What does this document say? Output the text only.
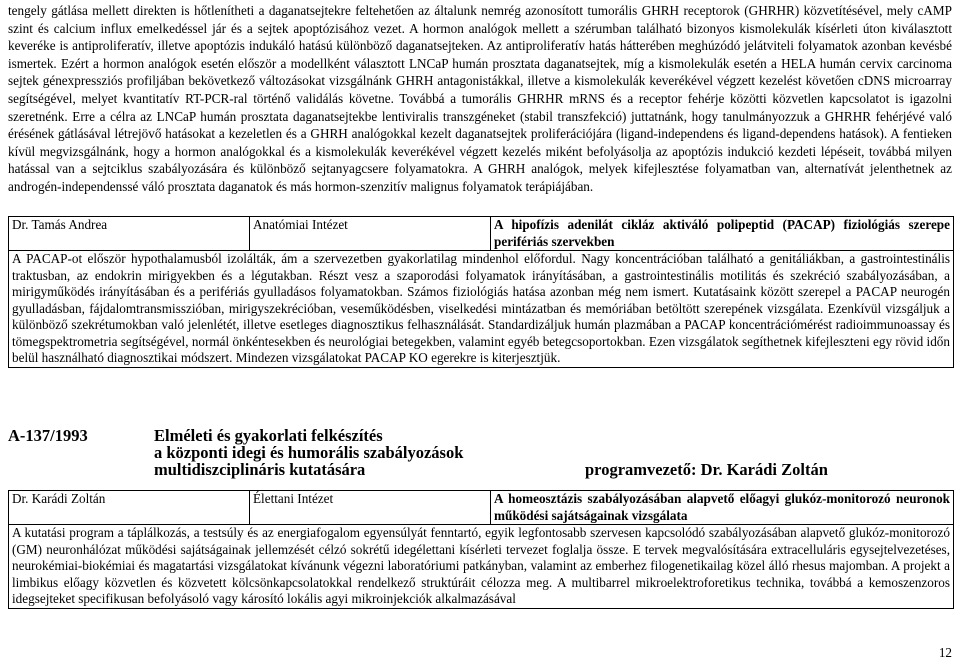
tengely gátlása mellett direkten is hőtlenítheti a daganatsejtekre feltehetően az általunk nemrég azonosított tumorális GHRH receptorok (GHRHR) közvetítésével, mely cAMP szint és calcium influx emelkedéssel jár és a sejtek apoptózisához vezet. A hormon analógok mellett a szérumban található bizonyos kismolekulák kísérleti úton kiválasztott keveréke is antiproliferatív, illetve apoptózis indukáló hatású különböző daganatsejteken. Az antiproliferatív hatás hátterében meghúzódó jelátviteli folyamatok azonban kevésbé ismertek. Ezért a hormon analógok esetén először a modellként választott LNCaP humán prosztata daganatsejtek, míg a kismolekulák esetén a HELA humán cervix carcinoma sejtek génexpressziós profiljában bekövetkező változásokat vizsgálnánk GHRH antagonistákkal, illetve a kismolekulák keverékével végzett kezelést követően cDNS microarray segítségével, melyet kvantitatív RT-PCR-ral történő validálás követne. Továbbá a tumorális GHRHR mRNS és a receptor fehérje közötti közvetlen kapcsolatot is igazolni szeretnénk. Erre a célra az LNCaP humán prosztata daganatsejtekbe lentiviralis transzgéneket (stabil transzfekció) juttatnánk, hogy tanulmányozzuk a GHRHR fehérjévé való érésének gátlásával létrejövő hatásokat a kezeletlen és a GHRH analógokkal kezelt daganatsejtek proliferációjára (ligand-independens és ligand-dependens hatások). A fentieken kívül megvizsgálnánk, hogy a hormon analógokkal és a kismolekulák keverékével végzett kezelés miként befolyásolja az apoptózis indukció kezdeti lépéseit, továbbá milyen hatással van a sejtciklus szabályozására és különböző sejtanyagcsere folyamatokra. A GHRH analógok, melyek kifejlesztése folyamatban van, alternatívát jelenthetnek az androgén-independenssé váló prosztata daganatok és más hormon-szenzitív malignus folyamatok terápiájában.

Dr. Tamás Andrea	Anatómiai Intézet	A hipofízis adenilát cikláz aktiváló polipeptid (PACAP) fiziológiás szerepe perifériás szervekben
A PACAP-ot először hypothalamusból izolálták, ám a szervezetben gyakorlatilag mindenhol előfordul. Nagy koncentrációban található a genitáliákban, a gastrointestinális traktusban, az endokrin mirigyekben és a légutakban. Részt vesz a szaporodási folyamatok irányításában, a gastrointestinális motilitás és szekréció szabályozásában, a mirigyműködés irányításában és a perifériás gyulladásos folyamatokban. Számos fiziológiás hatása azonban még nem ismert. Kutatásaink között szerepel a PACAP neurogén gyulladásban, fájdalomtransmisszióban, mirigyszekrécióban, veseműködésben, viselkedési mintázatban és memóriában betöltött szerepének vizsgálata. Ezenkívül vizsgáljuk a különböző szekrétumokban való jelenlétét, illetve esetleges diagnosztikus felhasználását. Standardizáljuk humán plazmában a PACAP koncentrációmérést radioimmunoassay és tömegspektrometria segítségével, normál önkéntesekben és neurológiai betegekben, valamint egyéb betegcsoportokban. Ezen vizsgálatok segíthetnek kifejleszteni egy rövid időn belül használható diagnosztikai módszert. Mindezen vizsgálatokat PACAP KO egerekre is kiterjesztjük.
A-137/1993	Elméleti és gyakorlati felkészítés
a központi idegi és humorális szabályozások
multidiszciplináris kutatására	programvezető: Dr. Karádi Zoltán
Dr. Karádi Zoltán	Élettani Intézet	A homeosztázis szabályozásában alapvető előagyi glukóz-monitorozó neuronok működési sajátságainak vizsgálata
A kutatási program a táplálkozás, a testsúly és az energiafogalom egyensúlyát fenntartó, egyik legfontosabb szervesen kapcsolódó szabályozásában alapvető glukóz-monitorozó (GM) neuronhálózat működési sajátságainak jellemzését célzó sokrétű idegélettani kísérleti tervezet foglalja össze. E tervek megvalósítására extracelluláris egysejtelvezetéses, neurokémiai-biokémiai és magatartási vizsgálatokat kívánunk végezni laboratóriumi patkányban, valamint az emberhez filogenetikailag közel álló rhesus majomban. A projekt a limbikus előagy közvetlen és közvetett kölcsönkapcsolatokkal rendelkező struktúráit célozza meg. A multibarrel mikroelektroforetikus technika, továbbá a kemoszenzoros idegsejteket specifikusan befolyásoló vagy károsító lokális agyi mikroinjekciók alkalmazásával
12
